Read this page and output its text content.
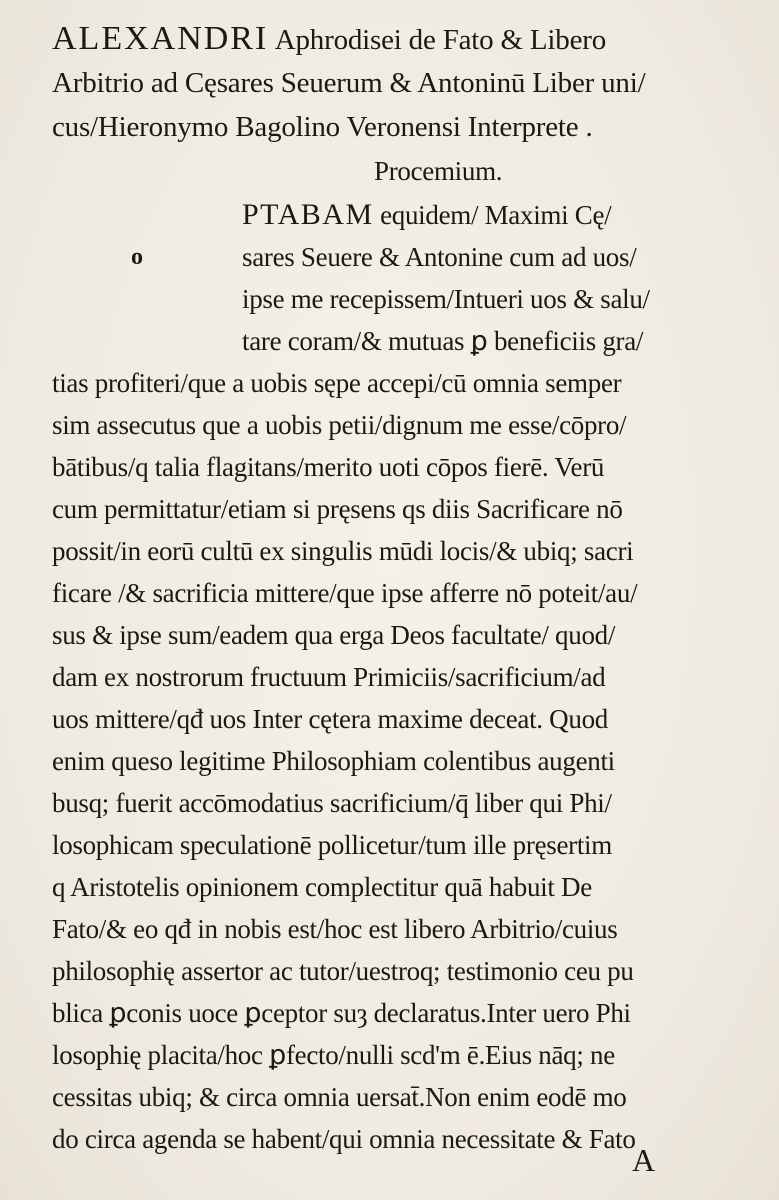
ALEXANDRI Aphrodisei de Fato & Libero
Arbitrio ad Cęsares Seuerum & Antoninū Liber uni/
cus/Hieronymo Bagolino Veronensi Interprete .
Procemium.
o
PTABAM equidem/ Maximi Cę/
sares Seuere & Antonine cum ad uos/
ipse me recepissem/Intueri uos & salu/
tare coram/& mutuas ꝑ beneficiis gra/
tias profiteri/que a uobis sępe accepi/cū omnia semper
sim assecutus que a uobis petii/dignum me esse/cōpro/
bātibus/q talia flagitans/merito uoti cōpos fierē. Verū
cum permittatur/etiam si pręsens qs diis Sacrificare nō
possit/in eorū cultū ex singulis mūdi locis/& ubiq; sacri
ficare /& sacrificia mittere/que ipse afferre nō poteit/au/
sus & ipse sum/eadem qua erga Deos facultate/ quod/
dam ex nostrorum fructuum Primiciis/sacrificium/ad
uos mittere/qđ uos Inter cętera maxime deceat. Quod
enim queso legitime Philosophiam colentibus augenti
busq; fuerit accōmodatius sacrificium/q̄ liber qui Phi/
losophicam speculationē pollicetur/tum ille pręsertim
q Aristotelis opinionem complectitur quā habuit De
Fato/& eo qđ in nobis est/hoc est libero Arbitrio/cuius
philosophię assertor ac tutor/uestroq; testimonio ceu pu
blica ꝑconis uoce ꝑceptor suȝ declaratus.Inter uero Phi
losophię placita/hoc ꝑfecto/nulli scd'm ē.Eius nāq; ne
cessitas ubiq; & circa omnia uersat̄.Non enim eodē mo
do circa agenda se habent/qui omnia necessitate & Fato
A
